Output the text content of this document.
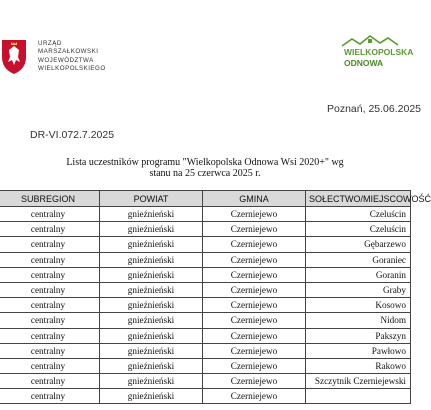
URZĄD
MARSZAŁKOWSKI
WOJEWÓDZTWA
WIELKOPOLSKIEGO
WIELKOPOLSKA
ODNOWA
Poznań, 25.06.2025
DR-VI.072.7.2025
Lista uczestników programu "Wielkopolska Odnowa Wsi 2020+" wg
stanu na 25 czerwca 2025 r.
SUBREGION	POWIAT	GMINA	SOŁECTWO/MIEJSCOWOŚĆ
centralny	gnieźnieński	Czerniejewo	Czeluścin
centralny	gnieźnieński	Czerniejewo	Czeluścin
centralny	gnieźnieński	Czerniejewo	Gębarzewo
centralny	gnieźnieński	Czerniejewo	Goraniec
centralny	gnieźnieński	Czerniejewo	Goranin
centralny	gnieźnieński	Czerniejewo	Graby
centralny	gnieźnieński	Czerniejewo	Kosowo
centralny	gnieźnieński	Czerniejewo	Nidom
centralny	gnieźnieński	Czerniejewo	Pakszyn
centralny	gnieźnieński	Czerniejewo	Pawłowo
centralny	gnieźnieński	Czerniejewo	Rakowo
centralny	gnieźnieński	Czerniejewo	Szczytnik Czerniejewski
centralny	gnieźnieński	Czerniejewo	
